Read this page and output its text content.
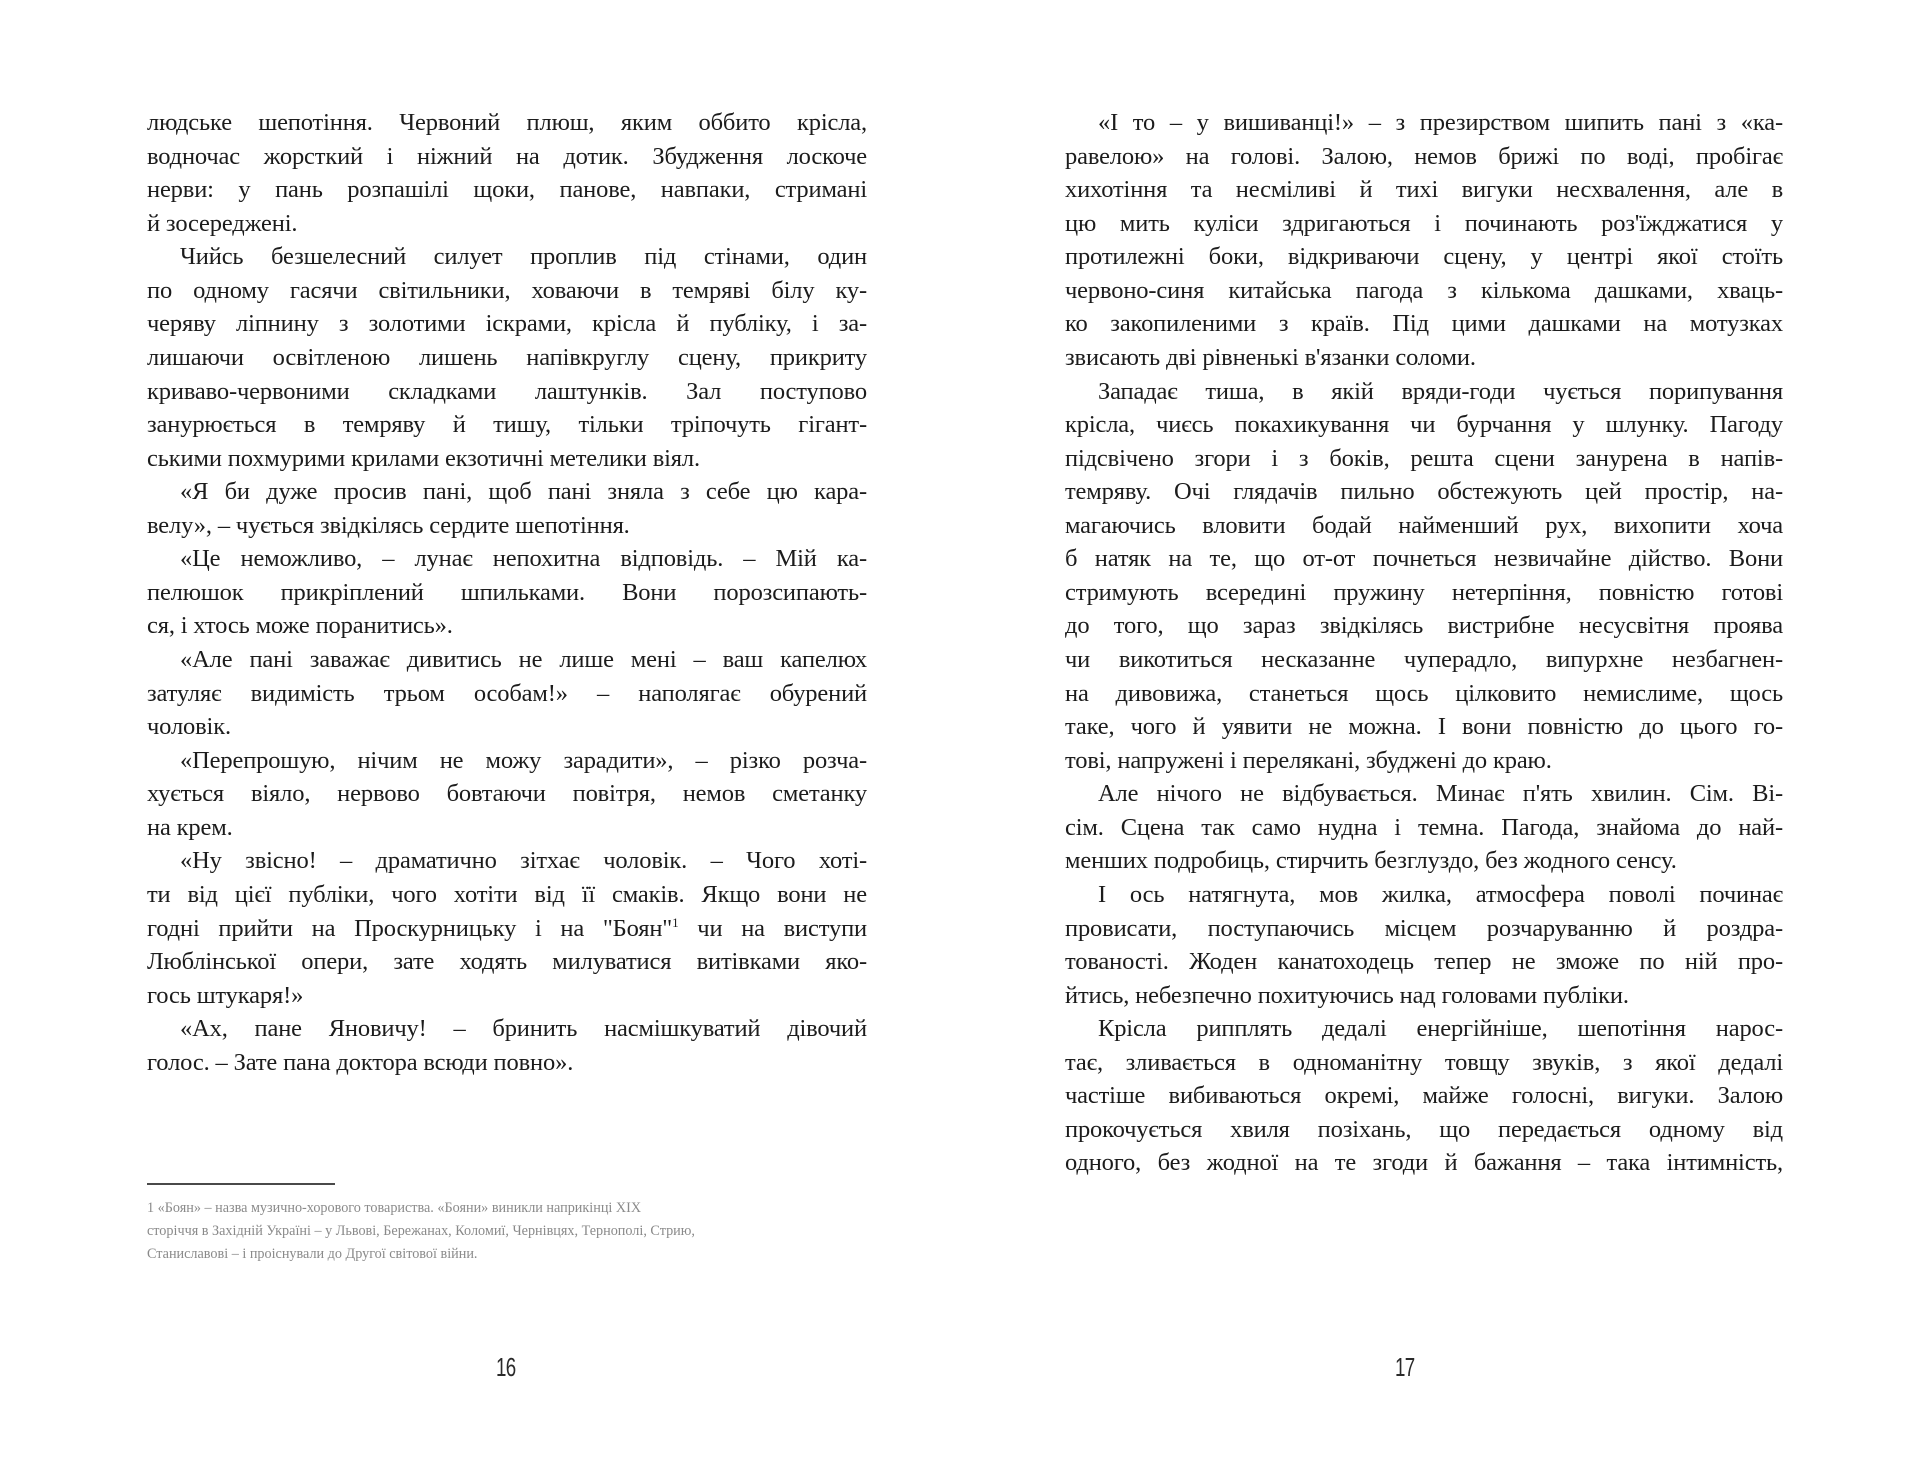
людське шепотіння. Червоний плюш, яким оббито крісла,
водночас жорсткий і ніжний на дотик. Збудження лоскоче
нерви: у пань розпашілі щоки, панове, навпаки, стримані
й зосереджені.
Чийсь безшелесний силует проплив під стінами, один
по одному гасячи світильники, ховаючи в темряві білу ку-
черяву ліпнину з золотими іскрами, крісла й публіку, і за-
лишаючи освітленою лишень напівкруглу сцену, прикриту
криваво-червоними складками лаштунків. Зал поступово
занурюється в темряву й тишу, тільки тріпочуть гігант-
ськими похмурими крилами екзотичні метелики віял.
«Я би дуже просив пані, щоб пані зняла з себе цю кара-
велу», – чується звідкілясь сердите шепотіння.
«Це неможливо, – лунає непохитна відповідь. – Мій ка-
пелюшок прикріплений шпильками. Вони порозсипають-
ся, і хтось може поранитись».
«Але пані заважає дивитись не лише мені – ваш капелюх
затуляє видимість трьом особам!» – наполягає обурений
чоловік.
«Перепрошую, нічим не можу зарадити», – різко розча-
хується віяло, нервово бовтаючи повітря, немов сметанку
на крем.
«Ну звісно! – драматично зітхає чоловік. – Чого хоті-
ти від цієї публіки, чого хотіти від її смаків. Якщо вони не
годні прийти на Проскурницьку і на "Боян"$^1$ чи на виступи
Люблінської опери, зате ходять милуватися витівками яко-
гось штукаря!»
«Ах, пане Яновичу! – бринить насмішкуватий дівочий
голос. – Зате пана доктора всюди повно».
1 «Боян» – назва музично-хорового товариства. «Бояни» виникли наприкінці XIX
сторіччя в Західній Україні – у Львові, Бережанах, Коломиї, Чернівцях, Тернополі, Стрию,
Станиславові – і проіснували до Другої світової війни.
16
«І то – у вишиванці!» – з презирством шипить пані з «ка-
равелою» на голові. Залою, немов брижі по воді, пробігає
хихотіння та несміливі й тихі вигуки несхвалення, але в
цю мить куліси здригаються і починають роз'їжджатися у
протилежні боки, відкриваючи сцену, у центрі якої стоїть
червоно-синя китайська пагода з кількома дашками, хваць-
ко закопиленими з країв. Під цими дашками на мотузках
звисають дві рівненькі в'язанки соломи.
Западає тиша, в якій вряди-годи чується порипування
крісла, чиєсь покахикування чи бурчання у шлунку. Пагоду
підсвічено згори і з боків, решта сцени занурена в напів-
темряву. Очі глядачів пильно обстежують цей простір, на-
магаючись вловити бодай найменший рух, вихопити хоча
б натяк на те, що от-от почнеться незвичайне дійство. Вони
стримують всередині пружину нетерпіння, повністю готові
до того, що зараз звідкілясь вистрибне несусвітня проява
чи викотиться несказанне чуперадло, випурхне незбагнен-
на дивовижа, станеться щось цілковито немислиме, щось
таке, чого й уявити не можна. І вони повністю до цього го-
тові, напружені і перелякані, збуджені до краю.
Але нічого не відбувається. Минає п'ять хвилин. Сім. Ві-
сім. Сцена так само нудна і темна. Пагода, знайома до най-
менших подробиць, стирчить безглуздо, без жодного сенсу.
І ось натягнута, мов жилка, атмосфера поволі починає
провисати, поступаючись місцем розчаруванню й роздра-
тованості. Жоден канатоходець тепер не зможе по ній про-
йтись, небезпечно похитуючись над головами публіки.
Крісла рипплять дедалі енергійніше, шепотіння нарос-
тає, зливається в одноманітну товщу звуків, з якої дедалі
частіше вибиваються окремі, майже голосні, вигуки. Залою
прокочується хвиля позіхань, що передається одному від
одного, без жодної на те згоди й бажання – така інтимність,
17
